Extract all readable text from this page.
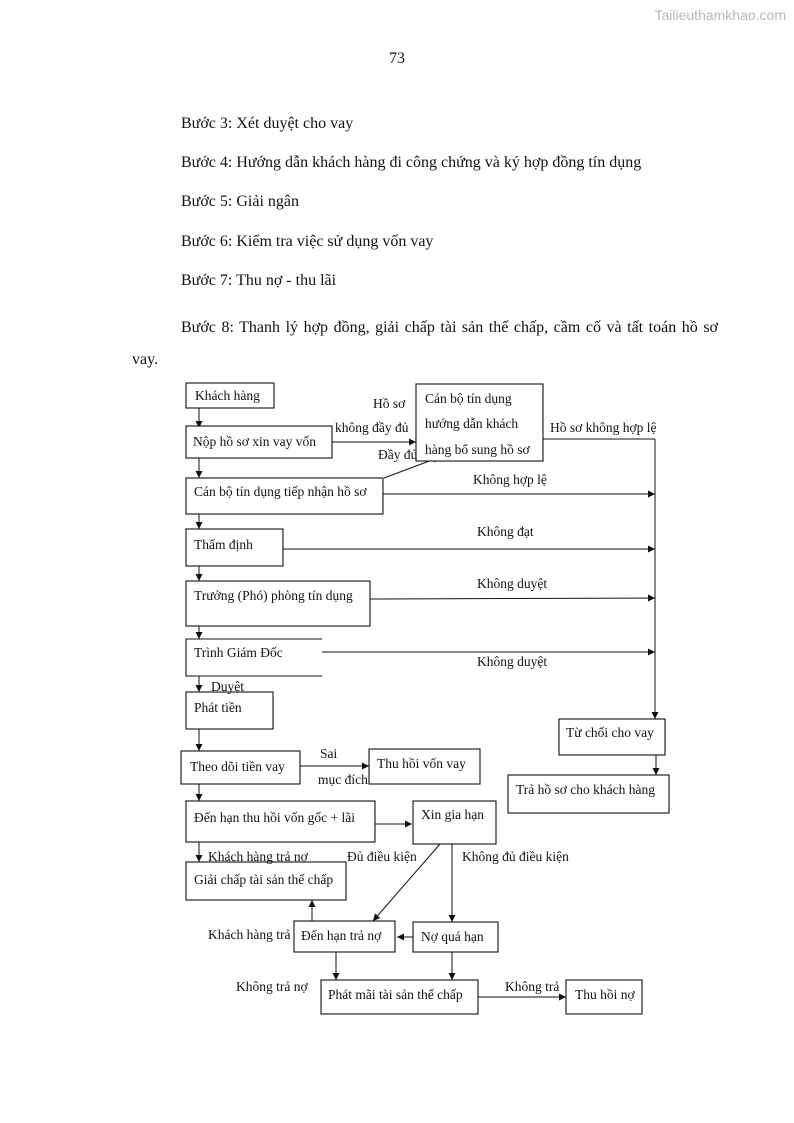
Tailieuthamkhao.com
73
Bước 3: Xét duyệt cho vay
Bước 4: Hướng dẫn khách hàng đi công chứng và ký hợp đồng tín dụng
Bước 5: Giải ngân
Bước 6: Kiểm tra việc sử dụng vốn vay
Bước 7: Thu nợ - thu lãi
Bước 8: Thanh lý hợp đồng, giải chấp tài sản thế chấp, cầm cố và tất toán hồ sơ vay.
Khách hàng
Nộp hồ sơ xin vay vốn
Cán bộ tín dụng
hướng dẫn khách
hàng bổ sung hồ sơ
Cán bộ tín dụng tiếp nhận hồ sơ
Thẩm định
Trưởng (Phó) phòng tín dụng
Trình Giám Đốc
Phát tiền
Theo dõi tiền vay	Thu hồi vốn vay
Đến hạn thu hồi vốn gốc + lãi	Xin gia hạn
Giải chấp tài sản thế chấp
Đến hạn trả nợ	Nợ quá hạn
Phát mãi tài sản thế chấp	Thu hồi nợ
Từ chối cho vay
Trả hồ sơ cho khách hàng
Hồ sơ
không đầy đủ
Đầy đủ
Hồ sơ không hợp lệ
Không hợp lệ
Không đạt
Không duyệt
Không duyệt
Duyệt
Sai
mục đích
Khách hàng trả nợ	Đủ điều kiện	Không đủ điều kiện
Khách hàng trả
Không trả nợ	Không trả
